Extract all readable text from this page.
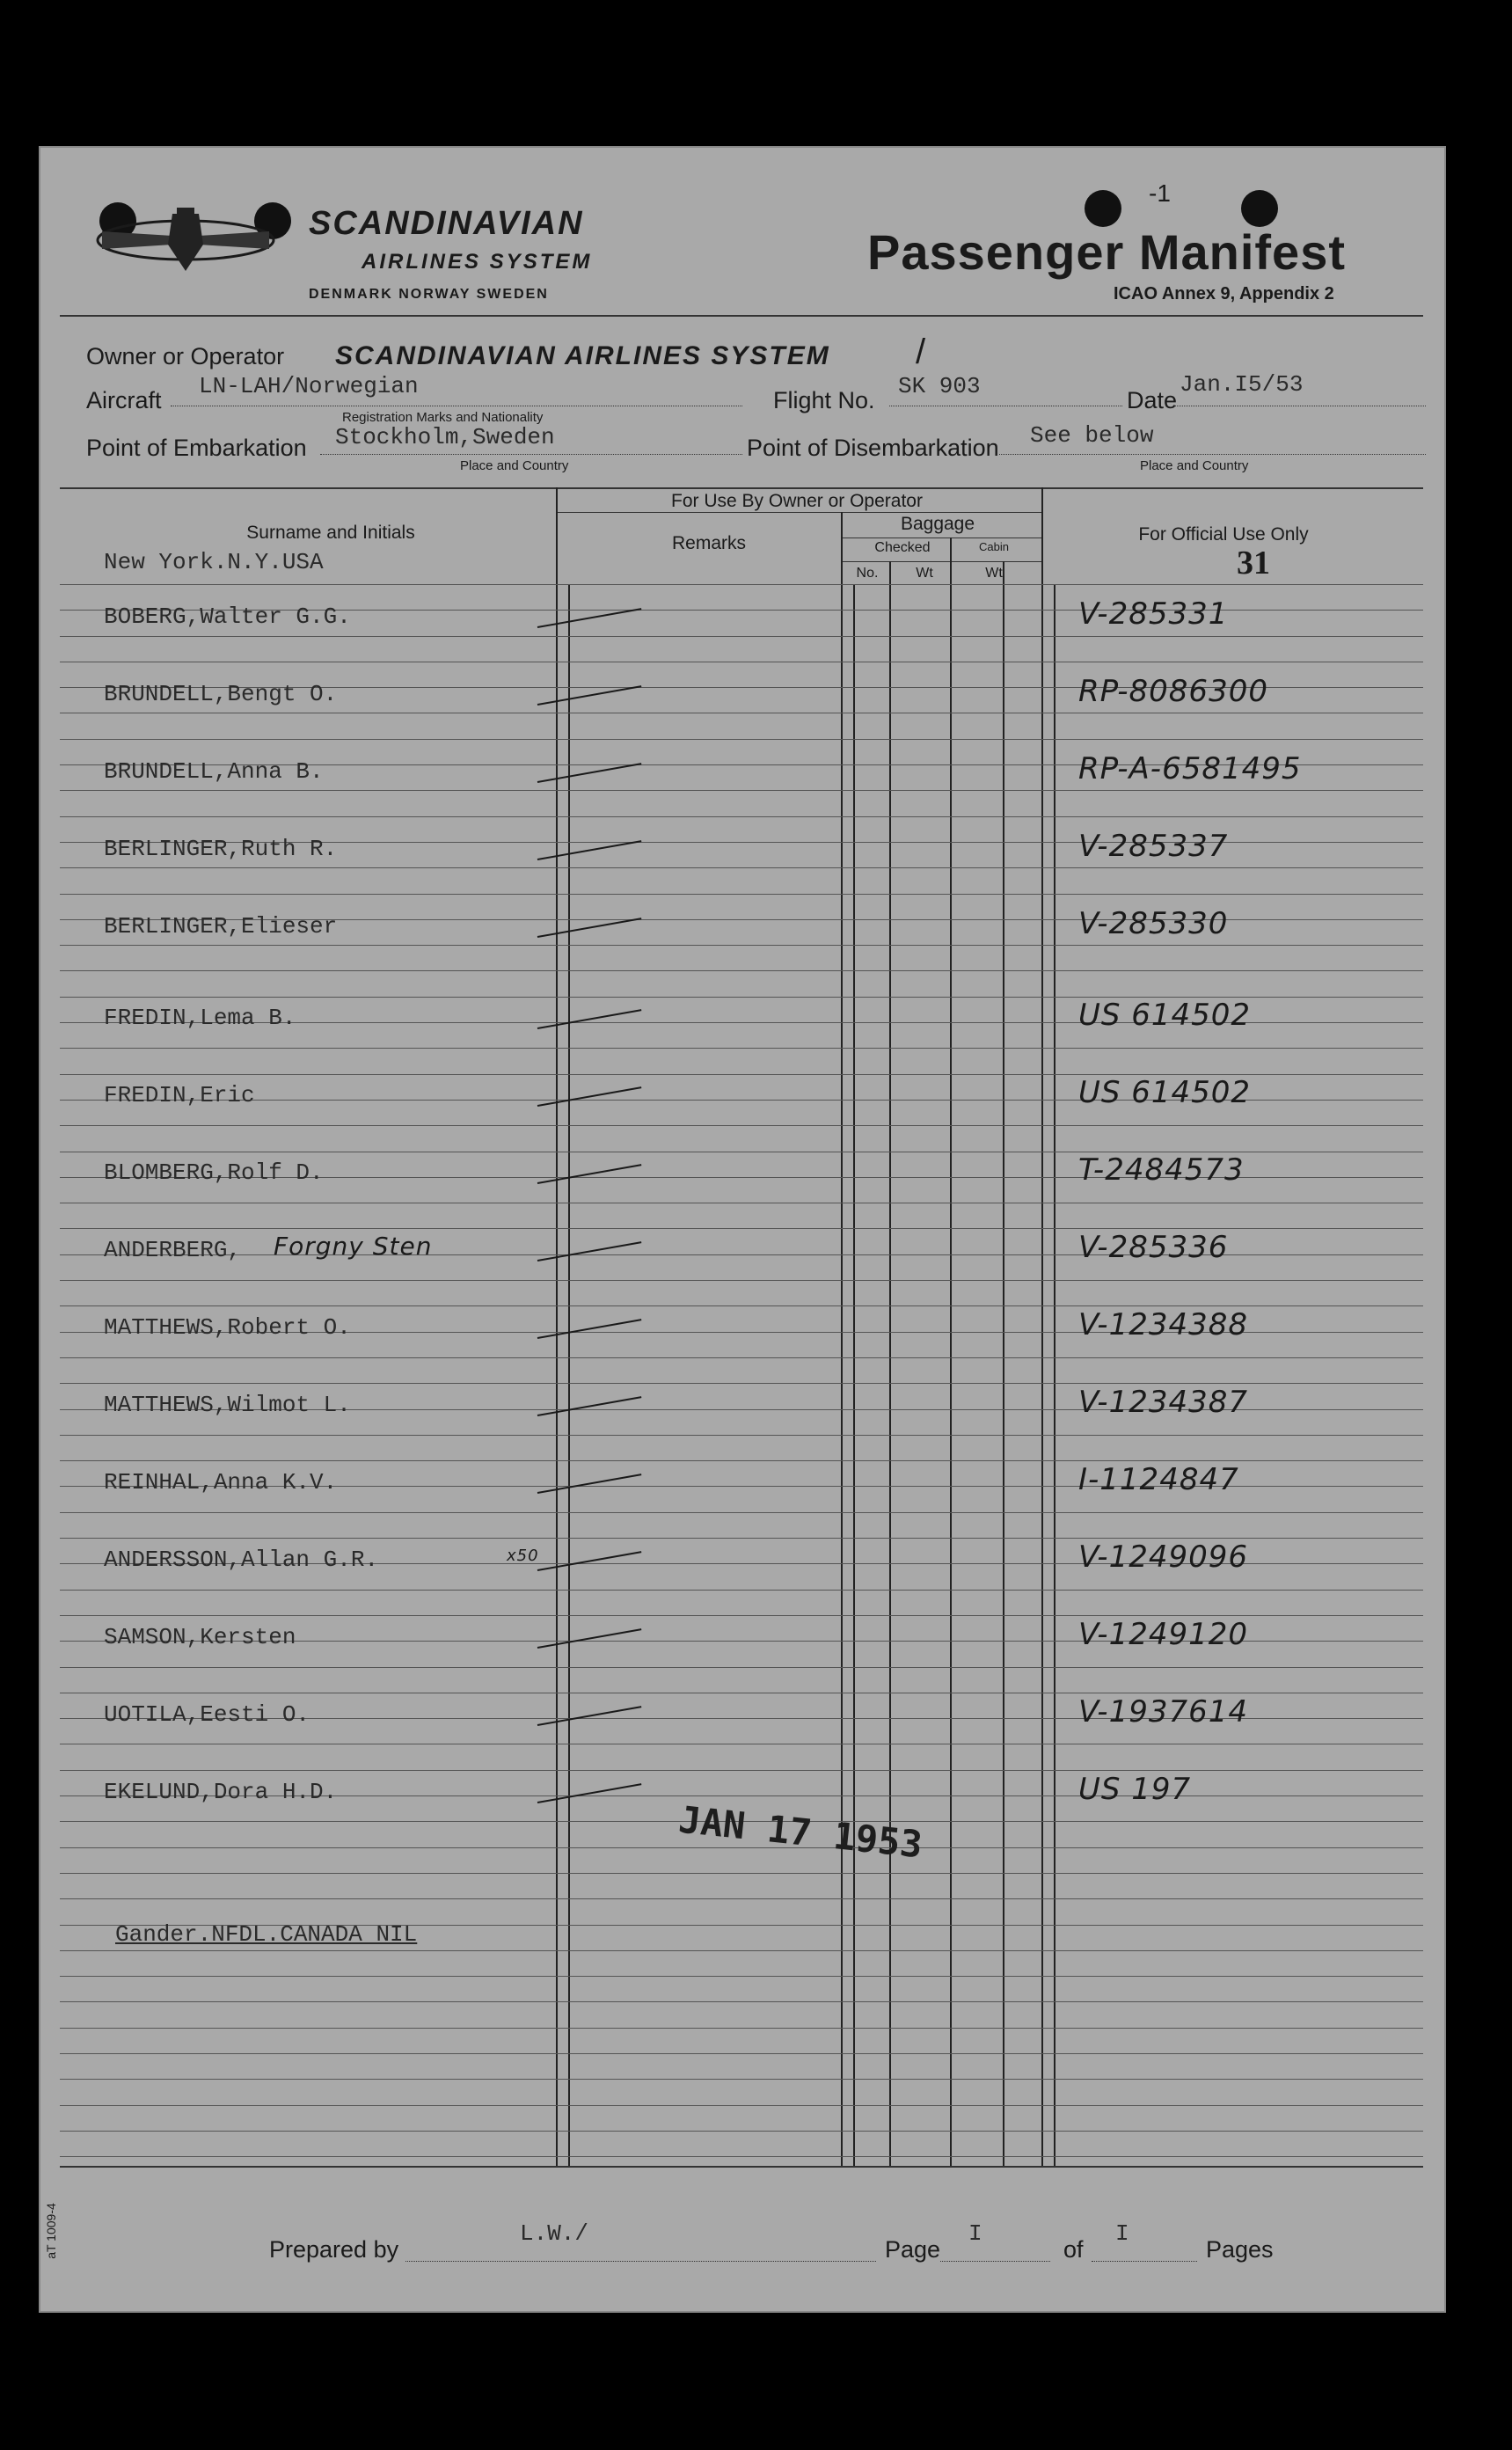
SCANDINAVIAN
AIRLINES SYSTEM
DENMARK NORWAY SWEDEN
-1
Passenger Manifest
ICAO Annex 9, Appendix 2
Owner or Operator SCANDINAVIAN AIRLINES SYSTEM /
Aircraft
LN-LAH/Norwegian
Registration Marks and Nationality
Flight No.
SK 903
Date
Jan.I5/53
Point of Embarkation Stockholm,Sweden
Place and Country
Point of Disembarkation See below
Place and Country
Surname and Initials
New York.N.Y.USA
For Use By Owner or Operator
Remarks
Baggage
Checked	Cabin
No.	Wt	Wt
For Official Use Only
31
BOBERG,Walter G.G.	V-285331
BRUNDELL,Bengt O.	RP-8086300
BRUNDELL,Anna B.	RP-A-6581495
BERLINGER,Ruth R.	V-285337
BERLINGER,Elieser	V-285330
FREDIN,Lema B.	US 614502
FREDIN,Eric	US 614502
BLOMBERG,Rolf D.	T-2484573
ANDERBERG, Forgny Sten	V-285336
MATTHEWS,Robert O.	V-1234388
MATTHEWS,Wilmot L.	V-1234387
REINHAL,Anna K.V.	I-1124847
ANDERSSON,Allan G.R.	x50	V-1249096
SAMSON,Kersten	V-1249120
UOTILA,Eesti O.	V-1937614
EKELUND,Dora H.D.	US 197
JAN 17 1953
Gander.NFDL.CANADA NIL
Prepared by
L.W./
Page
I
of
I
Pages
aT 1009-4
